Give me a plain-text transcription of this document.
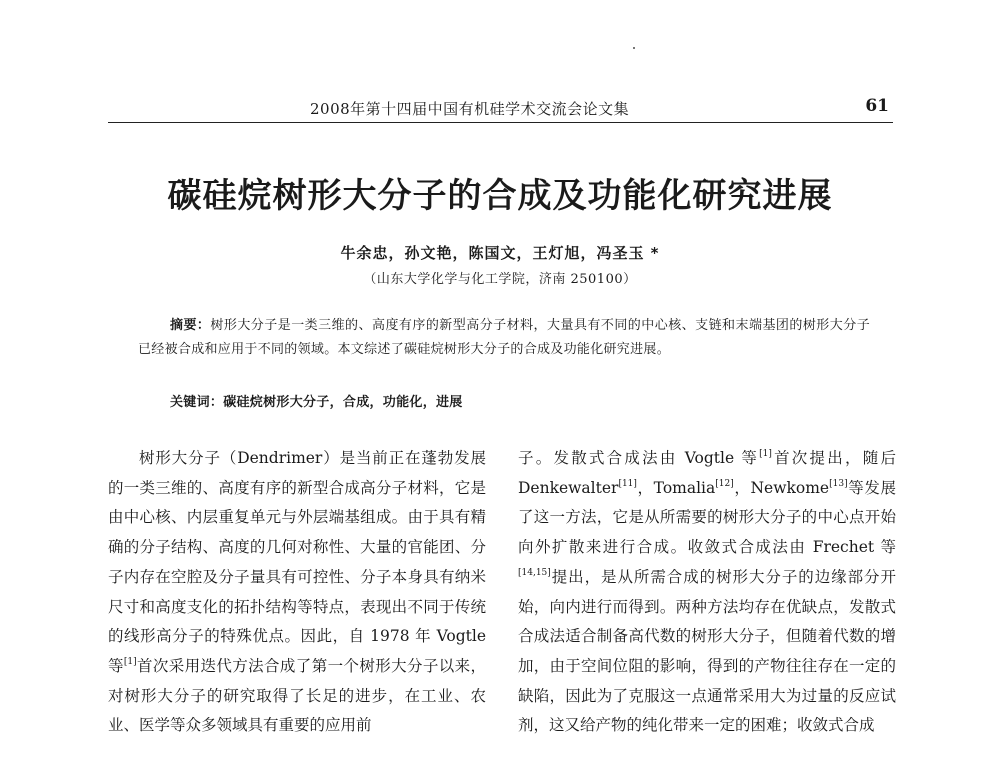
2008年第十四届中国有机硅学术交流会论文集	61
碳硅烷树形大分子的合成及功能化研究进展
牛余忠，孙文艳，陈国文，王灯旭，冯圣玉 *
（山东大学化学与化工学院，济南 250100）
摘要：树形大分子是一类三维的、高度有序的新型高分子材料，大量具有不同的中心核、支链和末端基团的树形大分子已经被合成和应用于不同的领域。本文综述了碳硅烷树形大分子的合成及功能化研究进展。
关键词：碳硅烷树形大分子，合成，功能化，进展

树形大分子（Dendrimer）是当前正在蓬勃发展的一类三维的、高度有序的新型合成高分子材料，它是由中心核、内层重复单元与外层端基组成。由于具有精确的分子结构、高度的几何对称性、大量的官能团、分子内存在空腔及分子量具有可控性、分子本身具有纳米尺寸和高度支化的拓扑结构等特点，表现出不同于传统的线形高分子的特殊优点。因此，自 1978 年 Vogtle 等[1]首次采用迭代方法合成了第一个树形大分子以来，对树形大分子的研究取得了长足的进步，在工业、农业、医学等众多领域具有重要的应用前

子。发散式合成法由 Vogtle 等[1]首次提出，随后 Denkewalter[11]，Tomalia[12]，Newkome[13]等发展了这一方法，它是从所需要的树形大分子的中心点开始向外扩散来进行合成。收敛式合成法由 Frechet 等[14,15]提出，是从所需合成的树形大分子的边缘部分开始，向内进行而得到。两种方法均存在优缺点，发散式合成法适合制备高代数的树形大分子，但随着代数的增加，由于空间位阻的影响，得到的产物往往存在一定的缺陷，因此为了克服这一点通常采用大为过量的反应试剂，这又给产物的纯化带来一定的困难；收敛式合成
